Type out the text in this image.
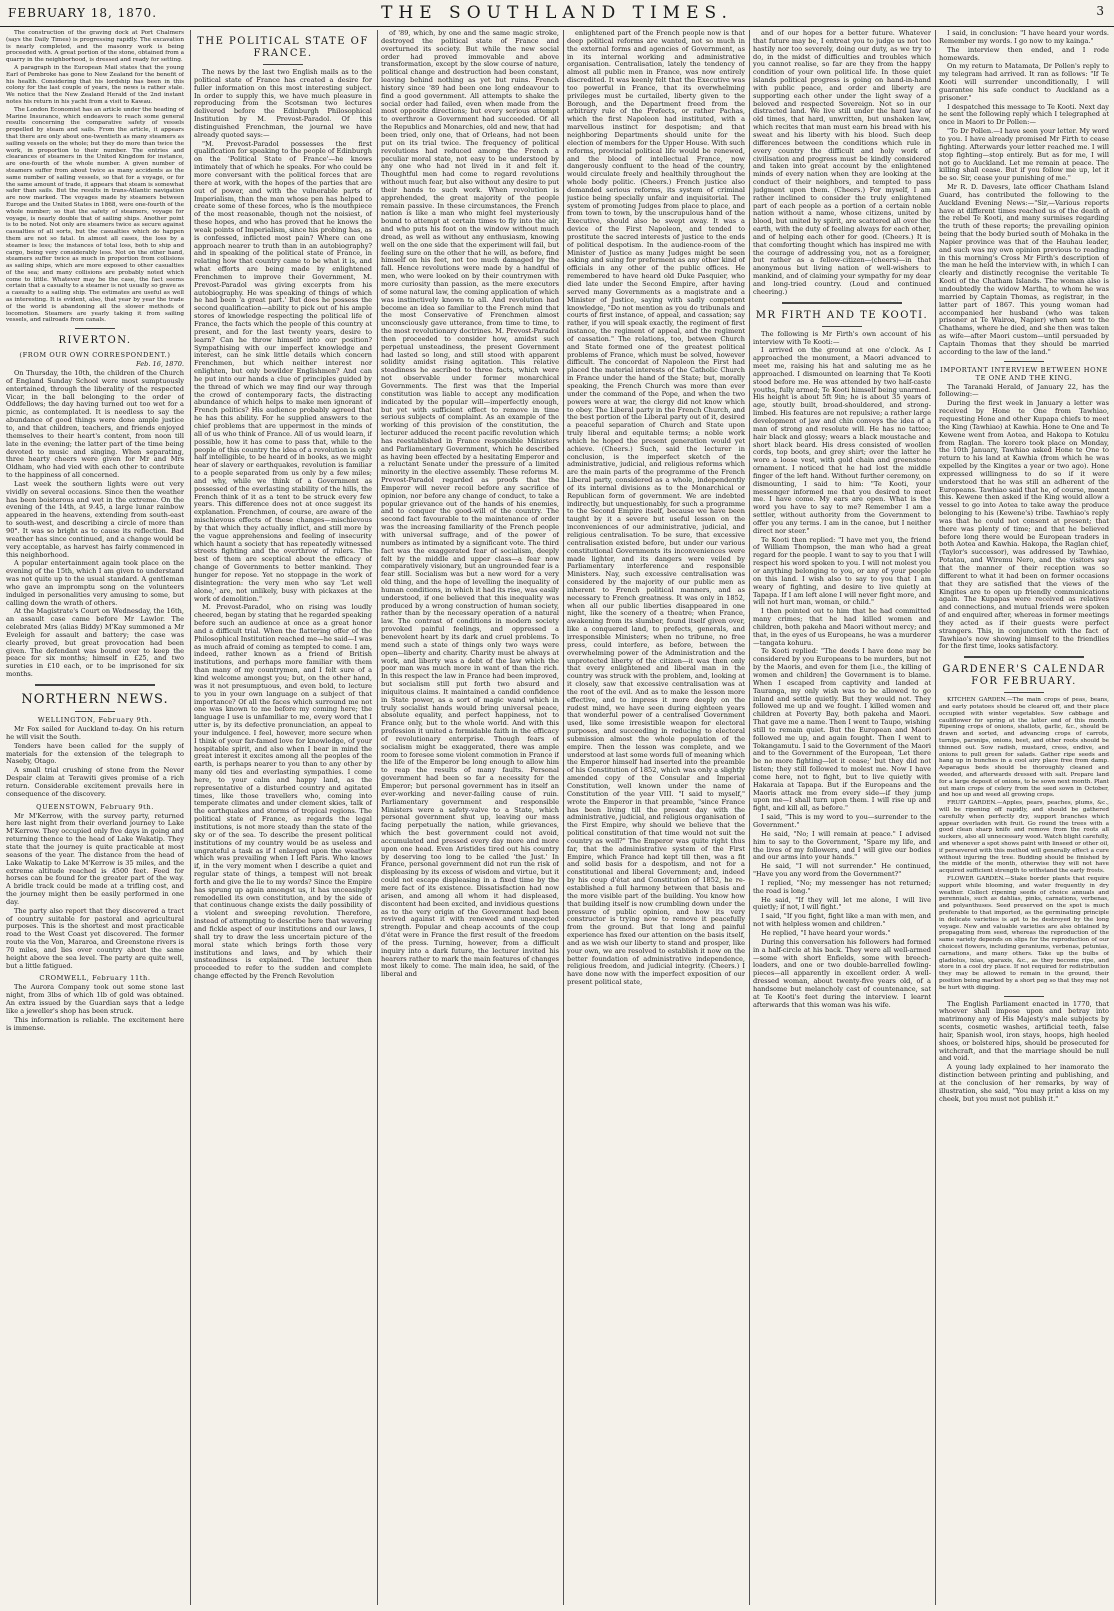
FEBRUARY 18, 1870.	THE SOUTHLAND TIMES.	3

The construction of the graving dock at Port Chalmers (says the Daily Times) is progressing rapidly. The excavation is nearly completed, and the masonry work is being proceeded with. A great portion of the stone, obtained from a quarry in the neighborhood, is dressed and ready for setting.

A paragraph in the European Mail states that the young Earl of Pembroke has gone to New Zealand for the benefit of his health. Considering that his lordship has been in this colony for the last couple of years, the news is rather stale. We notice that the New Zealand Herald of the 2nd instant notes his return in his yacht from a visit to Kawau.

The London Economist has an article under the heading of Marine Insurance, which endeavors to reach some general results concerning the comparative safety of vessels propelled by steam and sails. From the article, it appears that there are only about one-twentieth as many steamers as sailing vessels on the whole; but they do more than twice the work, in proportion to their number. The entries and clearances of steamers in the United Kingdom for instance, are one-fourth of the whole number. A given number of steamers suffer from about twice as many accidents as the same number of sailing vessels, so that for a voyage, or for the same amount of trade, it appears that steam is somewhat safer than sails. But the results in trans-Atlantic navigation are now marked. The voyages made by steamers between Europe and the United States in 1868, were one-fourth of the whole number; so that the safety of steamers, voyage for voyage, is nearly double that of sailing ships. Another point is to be noted. Not only are steamers twice as secure against casualties of all sorts, but the casualties which do happen them are not so fatal. In almost all cases, the loss by a steamer is less; the instances of total loss, both to ship and cargo, being very considerably less. Not on the other hand, steamers suffer twice as much in proportion from collisions as sailing ships, which are more exposed to other casualties of the sea; and many collisions are probably noted which come to little. Whatever may be the case, the fact seems certain that a casualty to a steamer is not usually so grave as a casualty to a sailing ship. The estimates are useful as well as interesting. It is evident, also, that year by year the trade of the world is abandoning all the slower methods of locomotion. Steamers are yearly taking it from sailing vessels, and railroads from canals.

RIVERTON.
(FROM OUR OWN CORRESPONDENT.)
Feb. 16, 1870.

On Thursday, the 10th, the children of the Church of England Sunday School were most sumptuously entertained, through the liberality of the respected Vicar, in the ball belonging to the order of Oddfellows; the day having turned out too wet for a picnic, as contemplated. It is needless to say the abundance of good things were done ample justice to, and that children, teachers, and friends enjoyed themselves to their heart's content, from noon till late in the evening; the latter part of the time being devoted to music and singing. When separating, three hearty cheers were given for Mr and Mrs Oldham, who had vied with each other to contribute to the happiness of all concerned.

Last week the southern lights were out very vividly on several occasions. Since then the weather has been boisterous and wet in the extreme. On the evening of the 14th, at 9.45, a large lunar rainbow appeared in the heavens, extending from south-east to south-west, and describing a circle of more than 90°. It was so bright as to cause its reflection. Bad weather has since continued, and a change would be very acceptable, as harvest has fairly commenced in this neighborhood.

A popular entertainment again took place on the evening of the 15th, which I am given to understand was not quite up to the usual standard. A gentleman who gave an impromptu song on the volunteers indulged in personalities very amusing to some, but calling down the wrath of others.

At the Magistrate's Court on Wednesday, the 16th, an assault case came before Mr Lawlor. The celebrated Mrs (alias Biddy) M'Kay summoned a Mr Eveleigh for assault and battery; the case was clearly proved, but great provocation had been given. The defendant was bound over to keep the peace for six months; himself in £25, and two sureties in £10 each, or to be imprisoned for six months.

NORTHERN NEWS.
WELLINGTON, February 9th.

Mr Fox sailed for Auckland to-day. On his return he will visit the South.

Tenders have been called for the supply of materials for the extension of the telegraph to Naseby, Otago.

A small trial crushing of stone from the Never Despair claim at Terawiti gives promise of a rich return. Considerable excitement prevails here in consequence of the discovery.

QUEENSTOWN, February 9th.

Mr M'Kerrow, with the survey party, returned here last night from their overland journey to Lake M'Kerrow. They occupied only five days in going and returning thence to the head of Lake Wakatip. They state that the journey is quite practicable at most seasons of the year. The distance from the head of Lake Wakatip to Lake M'Kerrow is 35 miles, and the extreme altitude reached is 4500 feet. Feed for horses can be found for the greater part of the way. A bridle track could be made at a trifling cost, and the journey might then be easily performed in one day.

The party also report that they discovered a tract of country suitable for pastoral and agricultural purposes. This is the shortest and most practicable road to the West Coast yet discovered. The former route via the Von, Mararoa, and Greenstone rivers is 70 miles, and lies over country about the same height above the sea level. The party are quite well, but a little fatigued.

CROMWELL, February 11th.

The Aurora Company took out some stone last night, from 3lbs of which 1lb of gold was obtained. An extra issued by the Guardian says that a ledge like a jeweller's shop has been struck.

This information is reliable. The excitement here is immense.

THE POLITICAL STATE OF FRANCE.

The news by the last two English mails as to the political state of France has created a desire for fuller information on this most interesting subject. In order to supply this, we have much pleasure in reproducing from the Scotsman two lectures delivered before the Edinburgh Philosophical Institution by M. Prevost-Paradol. Of this distinguished Frenchman, the journal we have already quoted says:—

"M. Prevost-Paradol possesses the first qualification for speaking to the people of Edinburgh on the 'Political State of France'—he knows intimately that of which he speaks. For who could be more conversant with the political forces that are there at work, with the hopes of the parties that are out of power, and with the vulnerable parts of Imperialism, than the man whose pen has helped to create some of these forces, who is the mouthpiece of the most reasonable, though not the noisiest, of these hopes, and who has proved that he knows the weak points of Imperialism, since his probing has, as is confessed, inflicted most pain? Where can one approach nearer to truth than in an autobiography? and in speaking of the political state of France, in relating how that country came to be what it is, and what efforts are being made by enlightened Frenchmen to improve their Government, M. Prevost-Paradol was giving excerpts from his autobiography. He was speaking of things of which he had been 'a great part.' But does he possess the second qualification—ability to pick out of his ample stores of knowledge respecting the political life of France, the facts which the people of this country at present, and for the last twenty years, desire to learn? Can he throw himself into our position? Sympathising with our imperfect knowledge and interest, can he sink little details which concern Frenchmen, but which neither interest nor enlighten, but only bewilder Englishmen? And can he put into our hands a clue of principles guided by the thread of which we may find our way through the crowd of contemporary facts, the distracting abundance of which helps to make men ignorant of French politics? His audience probably agreed that he has this ability. For he supplied answers to the chief problems that are uppermost in the minds of all of us who think of France. All of us would learn, if possible, how it has come to pass that, while to the people of this country the idea of a revolution is only half intelligible, to be heard of in books, as we might hear of slavery or earthquakes, revolution is familiar to a people separated from us only by a few miles; and why, while we think of a Government as possessed of the everlasting stability of the hills, the French think of it as a tent to be struck every few years. This difference does not at once suggest its explanation. Frenchmen, of course, are aware of the mischievous effects of these changes—mischievous by that which they actually inflict, and still more by the vague apprehensions and feeling of insecurity which haunt a society that has repeatedly witnessed streets fighting and the overthrow of rulers. The best of them are sceptical about the efficacy of change of Governments to better mankind. They hunger for repose. Yet no stoppage in the work of disintegration: the very men who say 'Let well alone,' are, not unlikely, busy with pickaxes at the work of demolition."

M. Prevost-Paradol, who on rising was loudly cheered, began by stating that he regarded speaking before such an audience at once as a great honor and a difficult trial. When the flattering offer of the Philosophical Institution reached me—he said—I was as much afraid of coming as tempted to come. I am, indeed, rather known as a friend of British institutions, and perhaps more familiar with them than many of my countrymen, and I felt sure of a kind welcome amongst you; but, on the other hand, was it not presumptuous, and even bold, to lecture to you in your own language on a subject of that importance? Of all the faces which surround me not one was known to me before my coming here; the language I use is unfamiliar to me, every word that I utter is, by its defective pronunciation, an appeal to your indulgence. I feel, however, more secure when I think of your far-famed love for knowledge, of your hospitable spirit, and also when I bear in mind the great interest it excites among all the peoples of the earth, is perhaps nearer to you than to any other by many old ties and everlasting sympathies. I come here, to your calm and happy land, as the representative of a disturbed country and agitated times, like those travellers who, coming into temperate climates and under clement skies, talk of the earthquakes and storms of tropical regions. The political state of France, as regards the legal institutions, is not more steady than the state of the sky or of the sea. To describe the present political institutions of my country would be as useless and ungrateful a task as if I enlarged upon the weather which was prevailing when I left Paris. Who knows if, in the very moment when I describe a quiet and regular state of things, a tempest will not break forth and give the lie to my words? Since the Empire has sprung up again amongst us, it has unceasingly remodelled its own constitution, and by the side of that continuous change exists the daily possibility of a violent and sweeping revolution. Therefore, instead of attempting to describe here that wavering and fickle aspect of our institutions and our laws, I shall try to draw the less uncertain picture of the moral state which brings forth those very institutions and laws, and by which their unsteadiness is explained. The lecturer then proceeded to refer to the sudden and complete change effected by the French Revolution

of '89, which, by one and the same magic stroke, destroyed the political state of France and overturned its society. But while the new social order had proved immovable and above transformation, except by the slow course of nature, political change and destruction had been constant, leaving behind nothing as yet but ruins. French history since '89 had been one long endeavour to find a good government. All attempts to shake the social order had failed, even when made from the most opposite directions; but every serious attempt to overthrow a Government had succeeded. Of all the Republics and Monarchies, old and new, that had been tried, only one, that of Orleans, had not been put on its trial twice. The frequency of political revolutions had reduced among the French a peculiar moral state, not easy to be understood by any one who had not lived in it and felt it. Thoughtful men had come to regard revolutions without much fear, but also without any desire to put their hands to such work. When revolution is apprehended, the great majority of the people remain passive. In these circumstances, the French nation is like a man who might feel mysteriously bound to attempt at certain times to fly into the air, and who puts his foot on the window without much dread, as well as without any enthusiasm, knowing well on the one side that the experiment will fail, but feeling sure on the other that he will, as before, find himself on his feet, not too much damaged by the fall. Hence revolutions were made by a handful of men, who were looked on by their countrymen with more curiosity than passion, as the mere executors of some natural law, the coming application of which was instinctively known to all. And revolution had become an idea so familiar to the French mind that the most Conservative of Frenchmen almost unconsciously gave utterance, from time to time, to the most revolutionary doctrines. M. Prevost-Paradol then proceeded to consider how, amidst such perpetual unsteadiness, the present Government had lasted so long, and still stood with apparent solidity amidst rising agitation. This relative steadiness he ascribed to three facts, which were not observable under former monarchical Governments. The first was that the Imperial constitution was liable to accept any modification indicated by the popular will—imperfectly enough, but yet with sufficient effect to remove in time serious subjects of complaint. As an example of the working of this provision of the constitution, the lecturer adduced the recent pacific revolution which has reestablished in France responsible Ministers and Parliamentary Government, which he described as having been effected by a hesitating Emperor and a reluctant Senate under the pressure of a limited minority in the elective assembly. These reforms M. Prevost-Paradol regarded as proofs that the Emperor will never recoil before any sacrifice of opinion, nor before any change of conduct, to take a popular grievance out of the hands of his enemies, and to conquer the good-will of the country. The second fact favourable to the maintenance of order was the increasing familiarity of the French people with universal suffrage, and of the power of numbers as intimated by a significant vote. The third fact was the exaggerated fear of socialism, deeply felt by the middle and upper class—a fear now comparatively visionary, but an ungrounded fear is a fear still. Socialism was but a new word for a very old thing, and the hope of levelling the inequality of human conditions, in which it had its rise, was easily understood, if one believed that this inequality was produced by a wrong construction of human society, rather than by the necessary operation of a natural law. The contrast of conditions in modern society provoked painful feelings, and oppressed a benevolent heart by its dark and cruel problems. To mend such a state of things only two ways were open—liberty and charity. Charity must be always at work, and liberty was a debt of the law which the poor man was much more in want of than the rich. In this respect the law in France had been improved, but socialism still put forth two absurd and iniquitous claims. It maintained a candid confidence in State power, as a sort of magic wand which in truly socialist hands would bring universal peace, absolute equality, and perfect happiness, not to France only, but to the whole world. And with this profession it united a formidable faith in the efficacy of revolutionary enterprise. Though fears of socialism might be exaggerated, there was ample room to foresee some violent commotion in France if the life of the Emperor be long enough to allow him to reap the results of many faults. Personal government had been so far a necessity for the Emperor; but personal government has in itself an ever-working and never-failing cause of ruin. Parliamentary government and responsible Ministers were a safety-valve to a State, which personal government shut up, leaving our mass facing perpetually the nation, while grievances, which the best government could not avoid, accumulated and pressed every day more and more upon one head. Even Aristides tired out his country by deserving too long to be called 'the Just.' In France, personal government did not run the risk of displeasing by its excess of wisdom and virtue, but it could not escape displeasing in a fixed time by the mere fact of its existence. Dissatisfaction had now arisen, and among all whom it had displeased, discontent had been excited, and invidious questions as to the very origin of the Government had been revived against it with renewed and unexpected strength. Popular and cheap accounts of the coup d'état were in France the first result of the freedom of the press. Turning, however, from a difficult inquiry into a dark future, the lecturer invited his hearers rather to mark the main features of changes most likely to come. The main idea, he said, of the liberal and

enlightened part of the French people now is that deep political reforms are wanted, not so much in the external forms and agencies of Government, as in its internal working and administrative organisation. Centralisation, lately the tendency of almost all public men in France, was now entirely discredited. It was keenly felt that the Executive was too powerful in France, that its overwhelming privileges must be curtailed, liberty given to the Borough, and the Department freed from the arbitrary rule of the Prefects, or rather Pachas, which the first Napoleon had instituted, with a marvellous instinct for despotism; and that neighboring Departments should unite for the election of members for the Upper House. With such reforms, provincial political life would be renewed, and the blood of intellectual France, now dangerously confluent to the head of the country, would circulate freely and healthily throughout the whole body politic. (Cheers.) French justice also demanded serious reforms, its system of criminal justice being specially unfair and inquisitorial. The system of promoting Judges from place to place, and from town to town, by the unscrupulous hand of the Executive, should also be swept away. It was a device of the First Napoleon, and tended to prostitute the sacred interests of justice to the ends of political despotism. In the audience-room of the Minister of Justice as many Judges might be seen asking and suing for preferment as any other kind of officials in any other of the public offices. He remembered to have heard old Duke Pasquier, who died late under the Second Empire, after having served many Governments as a magistrate and a Minister of Justice, saying with sadly competent knowledge, "Do not mention as you do tribunals and courts of first instance, of appeal, and cassation; say rather, if you will speak exactly, the regiment of first instance, the regiment of appeal, and the regiment of cassation." The relations, too, between Church and State formed one of the greatest political problems of France, which must be solved, however difficult. The concordat of Napoleon the First had placed the material interests of the Catholic Church in France under the hand of the State; but, morally speaking, the French Church was more than ever under the command of the Pope, and when the two powers were at war, the clergy did not know which to obey. The Liberal party in the French Church, and the best portion of the Liberal party out of it, desired a peaceful separation of Church and State upon truly liberal and equitable terms; a noble work which he hoped the present generation would yet achieve. (Cheers.) Such, said the lecturer in conclusion, is the imperfect sketch of the administrative, judicial, and religious reforms which are the main parts of the programme of the French Liberal party, considered as a whole, independently of its internal divisions as to the Monarchical or Republican form of government. We are indebted indirectly, but unquestionably, for such a programme to the Second Empire itself, because we have been taught by it a severe but useful lesson on the inconveniences of our administrative, judicial, and religious centralisation. To be sure, that excessive centralisation existed before, but under our various constitutional Governments its inconveniences were made lighter, and its dangers were veiled by Parliamentary interference and responsible Ministers. Nay, such excessive centralisation was considered by the majority of our public men as inherent to French political manners, and as necessary to French greatness. It was only in 1852, when all our public liberties disappeared in one night, like the scenery of a theatre; when France, awakening from its slumber, found itself given over, like a conquered land, to prefects, generals, and irresponsible Ministers; when no tribune, no free press, could interfere, as before, between the overwhelming power of the Administration and the unprotected liberty of the citizen—it was then only that every enlightened and liberal man in the country was struck with the problem, and, looking at it closely, saw that excessive centralisation was at the root of the evil. And as to make the lesson more effective, and to impress it more deeply on the rudest mind, we have seen during eighteen years that wonderful power of a centralised Government used, like some irresistible weapon for electoral purposes, and succeeding in reducing to electoral submission almost the whole population of the empire. Then the lesson was complete, and we understood at last some words full of meaning which the Emperor himself had inserted into the preamble of his Constitution of 1852, which was only a slightly amended copy of the Consular and Imperial Constitution, well known under the name of Constitution of the year VIII. "I said to myself," wrote the Emperor in that preamble, "since France has been living till the present day with the administrative, judicial, and religious organisation of the First Empire, why should we believe that the political constitution of that time would not suit the country as well?" The Emperor was quite right thus far, that the administrative system of the First Empire, which France had kept till then, was a fit and solid basis for a despotism, and not for a constitutional and liberal Government; and, indeed by his coup d'état and Constitution of 1852, he re-established a full harmony between that basis and the more visible part of the building. You know how that building itself is now crumbling down under the pressure of public opinion, and how its very constructor is trying now to remove it peacefully from the ground. But that long and painful experience has fixed our attention on the basis itself, and as we wish our liberty to stand and prosper, like your own, we are resolved to establish it now on the better foundation of administrative independence, religious freedom, and judicial integrity. (Cheers.) I have done now with the imperfect exposition of our present political state,

and of our hopes for a better future. Whatever that future may be, I entreat you to judge us not too hastily nor too severely, doing our duty, as we try to do, in the midst of difficulties and troubles which you cannot realise, so far are they from the happy condition of your own political life. In those quiet islands political progress is going on hand-in-hand with public peace, and order and liberty are supporting each other under the light sway of a beloved and respected Sovereign. Not so in our distracted land. We live still under the hard law of old times, that hard, unwritten, but unshaken law, which recites that man must earn his bread with his sweat and his liberty with his blood. Such deep differences between the conditions which rule in every country the difficult and holy work of civilisation and progress must be kindly considered and taken into great account by the enlightened minds of every nation when they are looking at the conduct of their neighbors, and tempted to pass judgment upon them. (Cheers.) For myself, I am rather inclined to consider the truly enlightened part of each people as a portion of a certain noble nation without a name, whose citizens, united by blood, but united by spirit, are scattered all over the earth, with the duty of feeling always for each other, and of helping each other for good. (Cheers.) It is that comforting thought which has inspired me with the courage of addressing you, not as a foreigner, but rather as a fellow-citizen—(cheers)—in that anonymous but living nation of well-wishers to mankind, and of claiming your sympathy for my dear and long-tried country. (Loud and continued cheering.)

MR FIRTH AND TE KOOTI.

The following is Mr Firth's own account of his interview with Te Kooti:—

I arrived on the ground at one o'clock. As I approached the monument, a Maori advanced to meet me, raising his hat and saluting me as he approached. I dismounted on learning that Te Kooti stood before me. He was attended by two half-caste youths, fully armed; Te Kooti himself being unarmed. His height is about 5ft 9in; he is about 35 years of age, stoutly built, broad-shouldered, and strong-limbed. His features are not repulsive; a rather large development of jaw and chin conveys the idea of a man of strong and resolute will. He has no tattoo; hair black and glossy; wears a black moustache and short black beard. His dress consisted of woollen cords, top boots, and grey shirt; over the latter he wore a loose vest, with gold chain and greenstone ornament. I noticed that he had lost the middle finger of the left hand. Without further ceremony, on dismounting, I said to him: "Te Kooti, your messenger informed me that you desired to meet me. I have come. My ears are open. What is the word you have to say to me? Remember I am a settler, without authority from the Government to offer you any terms. I am in the canoe, but I neither direct nor steer."

Te Kooti then replied: "I have met you, the friend of William Thompson, the man who had a great regard for the people. I want to say to you that I will respect his word spoken to you. I will not molest you or anything belonging to you, or any of your people on this land. I wish also to say to you that I am weary of fighting, and desire to live quietly at Tapapa. If I am left alone I will never fight more, and will not hurt man, woman, or child."

I then pointed out to him that he had committed many crimes; that he had killed women and children, both pakeha and Maori without mercy; and that, in the eyes of us Europeans, he was a murderer—tangata kohuru.

Te Kooti replied: "The deeds I have done may be considered by you Europeans to be murders, but not by the Maoris, and even for them [i.e., the killing of women and children] the Government is to blame. When I escaped from captivity and landed at Tauranga, my only wish was to be allowed to go inland and settle quietly. But they would not. They followed me up and we fought. I killed women and children at Poverty Bay, both pakeha and Maori. That gave me a name. Then I went to Taupo, wishing still to remain quiet. But the European and Maori followed me up, and again fought. Then I went to Tokangamutu. I said to the Government of the Maori and to the Government of the European, 'Let there be no more fighting—let it cease;' but they did not listen; they still followed to molest me. Now I have come here, not to fight, but to live quietly with Hakaraia at Tapapa. But if the Europeans and the Maoris attack me from every side—if they jump upon me—I shall turn upon them. I will rise up and fight, and kill all, as before."

I said, "This is my word to you—surrender to the Government."

He said, "No; I will remain at peace." I advised him to say to the Government, "Spare my life, and the lives of my followers, and I will give our bodies and our arms into your hands."

He said, "I will not surrender." He continued, "Have you any word from the Government?"

I replied, "No; my messenger has not returned; the road is long."

He said, "If they will let me alone, I will live quietly; if not, I will fight."

I said, "If you fight, fight like a man with men, and not with helpless women and children."

He replied, "I have heard your words."

During this conversation his followers had formed in a half-circle at his back. They were all well-armed—some with short Enfields, some with breech-loaders, and one or two double-barrelled fowling-pieces—all apparently in excellent order. A well-dressed woman, about twenty-five years old, of a handsome but melancholy cast of countenance, sat at Te Kooti's feet during the interview. I learnt afterwards that this woman was his wife.

I said, in conclusion: "I have heard your words. Remember my words. I go now to my kainga."

The interview then ended, and I rode homewards.

On my return to Matamata, Dr Pollen's reply to my telegram had arrived. It ran as follows: "If Te Kooti will surrender unconditionally, I will guarantee his safe conduct to Auckland as a prisoner."

I despatched this message to Te Kooti. Next day he sent the following reply which I telegraphed at once in Maori to Dr Pollen:—

"To Dr Pollen.—I have seen your letter. My word to you. I have already promised Mr Firth to cease fighting. Afterwards your letter reached me. I will stop fighting—stop entirely. But as for me, I will not go to Auckland. Let me remain at peace. The killing shall cease. But if you follow me up, let it be so. Sir, cease your punishing of me."

Mr R. D. Davesrs, late officer Chatham Island Guard, has contributed the following to the Auckland Evening News:—"Sir,—Various reports have at different times reached us of the death of the rebel Te Kooti, and many surmises regarding the truth of these reports; the prevailing opinion being that the body buried south of Mohaka in the Napier province was that of the Hauhau leader, and such was my own opinion previous to reading in this morning's Cross Mr Firth's description of the man he held the interview with, in which I can clearly and distinctly recognise the veritable Te Kooti of the Chatham Islands. The woman also is undoubtedly the widow Martha, to whom he was married by Captain Thomas, as registrar, in the latter part of 1867. This young woman had accompanied her husband (who was taken prisoner at Te Wairoa, Napier) when sent to the Chathams, where he died, and she then was taken as wife—after Maori custom—until persuaded by Captain Thomas that they should be married according to the law of the land."

IMPORTANT INTERVIEW BETWEEN HONE TE ONE AND THE KING.

The Taranaki Herald, of January 22, has the following:—

During the first week in January a letter was received by Hone te One from Tawhiao, requesting Hone and other Kupapa chiefs to meet the King (Tawhiao) at Kawhia. Hone te One and Te Kewene went from Aotea, and Hakopa to Kotuku from Raglan. The korero took place on Monday, the 10th January, Tawhiao asked Hone te One to return to his land at Kawhia (from which he was expelled by the Kingites a year or two ago). Hone expressed willingness to do so if it were understood that he was still an adherent of the Europeans. Tawhiao said that he, of course, meant this. Kewene then asked if the King would allow a vessel to go into Aotea to take away the produce belonging to his (Kewene's) tribe. Tawhiao's reply was that he could not consent at present; that there was plenty of time; and that he believed before long there would be European traders in both Aotea and Kawhia. Hakopa, the Raglan chief, (Taylor's successor), was addressed by Tawhiao, Potatau, and Wiremu Nero, and the visitors say that the manner of their reception was so different to what it had been on former occasions that they are satisfied that the views of the Kingites are to open up friendly communications again. The Kupapas were received as relatives and connections, and mutual friends were spoken of and enquired after, whereas in former meetings they acted as if their guests were perfect strangers. This, in conjunction with the fact of Tawhiao's now showing himself to the friendlies for the first time, looks satisfactory.

GARDENER'S CALENDAR FOR FEBRUARY.

KITCHEN GARDEN.—The main crops of peas, beans, and early potatoes should be cleared off, and their place occupied with winter vegetables. Sow cabbage and cauliflower for spring at the latter end of this month. Ripening crops of onions, shallots, garlic, &c., should be drawn and sorted, and advancing crops of carrots, turnips, parsnips, onions, beet, and other roots should be thinned out. Sow radish, mustard, cress, endive, and onions to pull green for salads. Gather ripe seeds and hang up in bunches in a cool airy place free from damp. Asparagus beds should be thoroughly cleaned and weeded, and afterwards dressed with salt. Prepare land for a large deposit of onions, to be sown next month. Plant out main crops of celery from the seed sown in October, and hoe up and weed all growing crops.

FRUIT GARDEN.—Apples, pears, peaches, plums, &c., will be ripening off rapidly, and should be gathered carefully when perfectly dry, support branches which appear overladen with fruit. Go round the trees with a good clean sharp knife and remove from the roots all suckers, also all unnecessary wood. Watch blight carefully, and whenever a spot shows paint with linseed or other oil, if persevered with this method will generally effect a cure without injuring the tree. Budding should be finished by the middle of the month, otherwise they will not have acquired sufficient strength to withstand the early frosts.

FLOWER GARDEN.—Stake border plants that require support while blooming, and water frequently in dry weather. Collect ripening seeds of choice annuals and perennials, such as dahlias, pinks, carnations, verbenas, and polyanthuses. Seed preserved on the spot is much preferable to that imported, as the germinating principle in delicate varieties is apt to be destroyed by the long voyage. New and valuable varieties are also obtained by propagating from seed, whereas the reproduction of the same variety depends on slips for the reproduction of our choicest flowers, including geraniums, verbenas, petunias, carnations, and many others. Take up the bulbs of gladiolus, ixias, sparaxis, &c., as they become ripe, and store in a cool dry place. If not required for redistribution they may be allowed to remain in the ground, their position being marked by a short peg so that they may not be hurt with digging.

The English Parliament enacted in 1770, that whoever shall impose upon and betray into matrimony any of His Majesty's male subjects by scents, cosmetic washes, artificial teeth, false hair, Spanish wool, iron stays, hoops, high heeled shoes, or bolstered hips, should be prosecuted for witchcraft, and that the marriage should be null and void.

A young lady explained to her inamorato the distinction between printing and publishing, and at the conclusion of her remarks, by way of illustration, she said, "You may print a kiss on my cheek, but you must not publish it."
